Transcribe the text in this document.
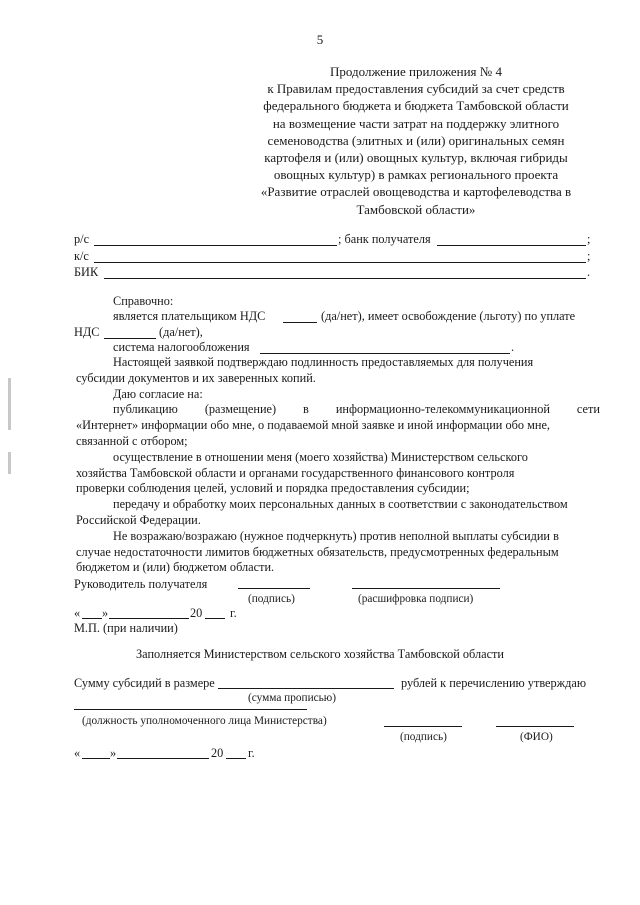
5
Продолжение приложения № 4
к Правилам предоставления субсидий за счет средств
федерального бюджета и бюджета Тамбовской области
на возмещение части затрат на поддержку элитного
семеноводства (элитных и (или) оригинальных семян
картофеля и (или) овощных культур, включая гибриды
овощных культур) в рамках регионального проекта
«Развитие отраслей овощеводства и картофелеводства в
Тамбовской области»
р/с	; банк получателя	;
к/с	;
БИК	.
Справочно:
является плательщиком НДС	(да/нет), имеет освобождение (льготу) по уплате
НДС	(да/нет),
система налогообложения	.
Настоящей заявкой подтверждаю подлинность предоставляемых для получения
субсидии документов и их заверенных копий.
Даю согласие на:
публикацию (размещение) в информационно-телекоммуникационной сети
«Интернет» информации обо мне, о подаваемой мной заявке и иной информации обо мне,
связанной с отбором;
осуществление в отношении меня (моего хозяйства) Министерством сельского
хозяйства Тамбовской области и органами государственного финансового контроля
проверки соблюдения целей, условий и порядка предоставления субсидии;
передачу и обработку моих персональных данных в соответствии с законодательством
Российской Федерации.
Не возражаю/возражаю (нужное подчеркнуть) против неполной выплаты субсидии в
случае недостаточности лимитов бюджетных обязательств, предусмотренных федеральным
бюджетом и (или) бюджетом области.
Руководитель получателя
(подпись)	(расшифровка подписи)
« »	20 г.
М.П. (при наличии)
Заполняется Министерством сельского хозяйства Тамбовской области
Сумму субсидий в размере	рублей к перечислению утверждаю
(сумма прописью)
(должность уполномоченного лица Министерства)
(подпись)	(ФИО)
« »	20 г.
